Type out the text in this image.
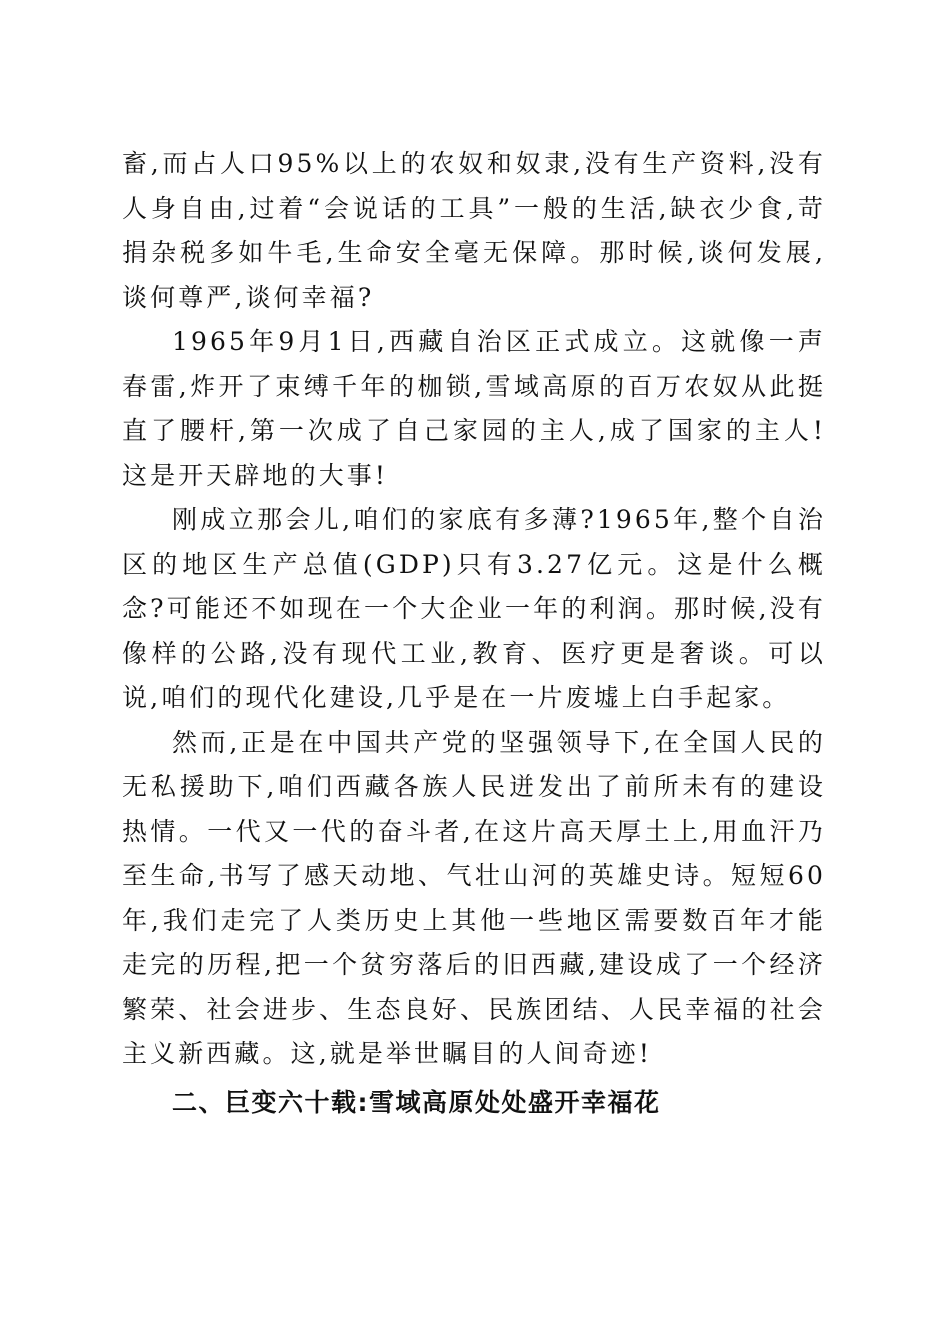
畜,而占人口95%以上的农奴和奴隶,没有生产资料,没有人身自由,过着“会说话的工具”一般的生活,缺衣少食,苛捐杂税多如牛毛,生命安全毫无保障。那时候,谈何发展,谈何尊严,谈何幸福?

1965年9月1日,西藏自治区正式成立。这就像一声春雷,炸开了束缚千年的枷锁,雪域高原的百万农奴从此挺直了腰杆,第一次成了自己家园的主人,成了国家的主人!这是开天辟地的大事!

刚成立那会儿,咱们的家底有多薄?1965年,整个自治区的地区生产总值(GDP)只有3.27亿元。这是什么概念?可能还不如现在一个大企业一年的利润。那时候,没有像样的公路,没有现代工业,教育、医疗更是奢谈。可以说,咱们的现代化建设,几乎是在一片废墟上白手起家。

然而,正是在中国共产党的坚强领导下,在全国人民的无私援助下,咱们西藏各族人民迸发出了前所未有的建设热情。一代又一代的奋斗者,在这片高天厚土上,用血汗乃至生命,书写了感天动地、气壮山河的英雄史诗。短短60年,我们走完了人类历史上其他一些地区需要数百年才能走完的历程,把一个贫穷落后的旧西藏,建设成了一个经济繁荣、社会进步、生态良好、民族团结、人民幸福的社会主义新西藏。这,就是举世瞩目的人间奇迹!

二、巨变六十载:雪域高原处处盛开幸福花
